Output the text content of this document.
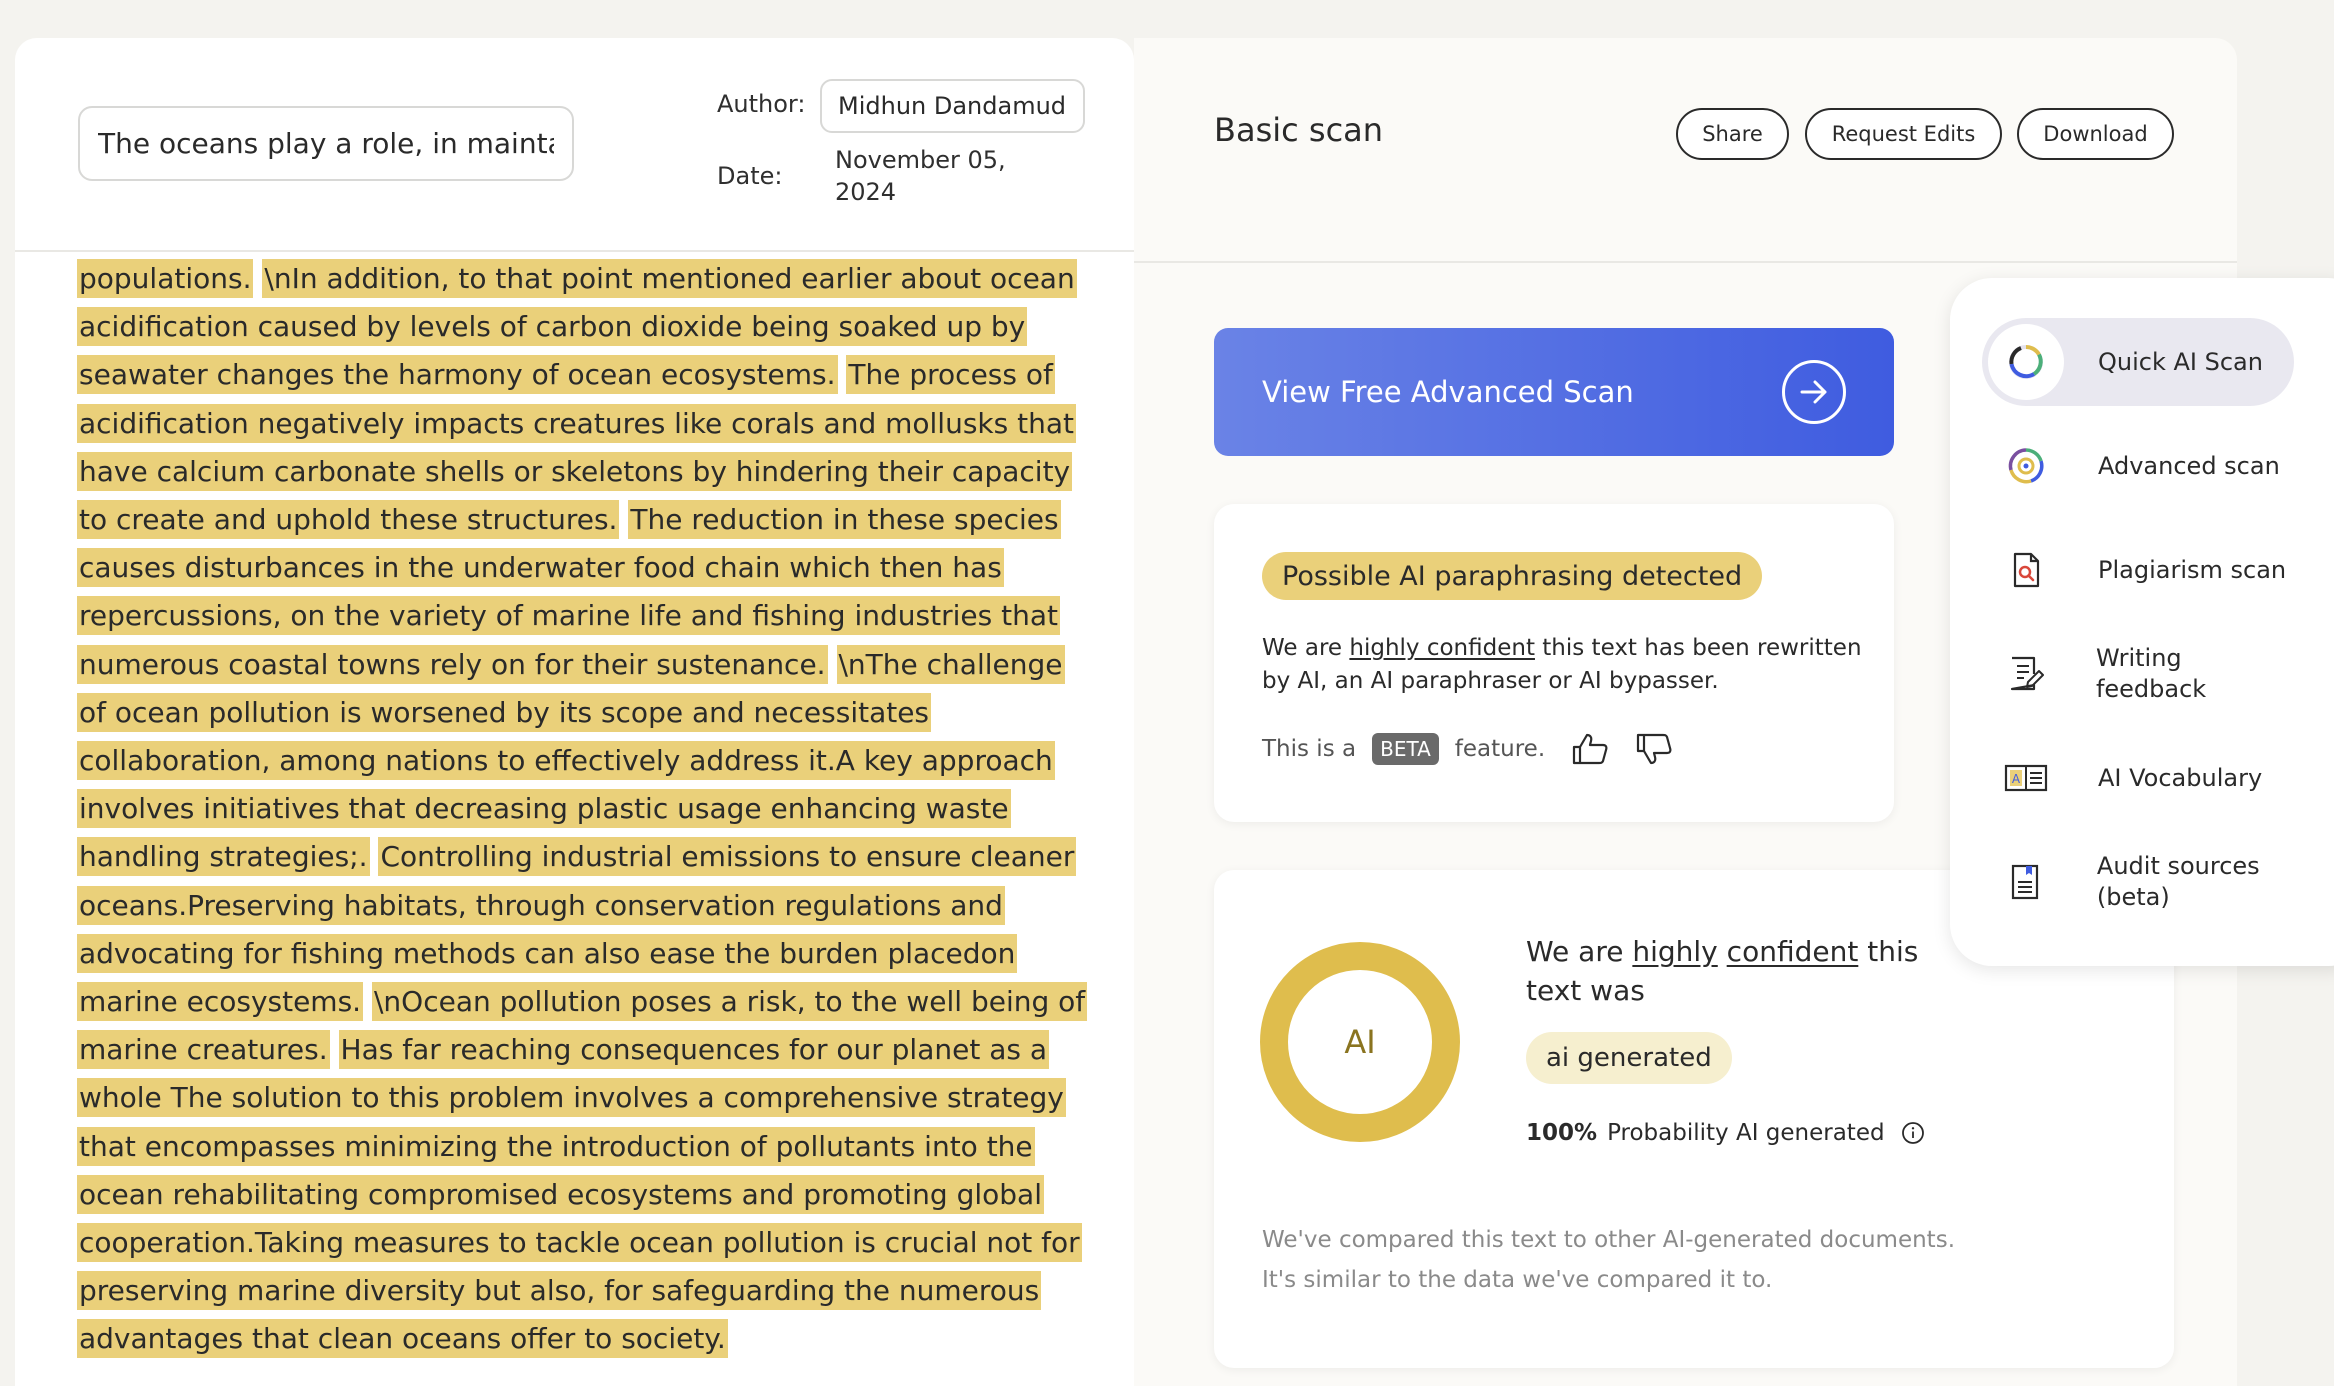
The oceans play a role, in mainta
Author:
Midhun Dandamudi
Date:
November 05, 2024
populations. \nIn addition, to that point mentioned earlier about ocean acidification caused by levels of carbon dioxide being soaked up by seawater changes the harmony of ocean ecosystems. The process of acidification negatively impacts creatures like corals and mollusks that have calcium carbonate shells or skeletons by hindering their capacity to create and uphold these structures. The reduction in these species causes disturbances in the underwater food chain which then has repercussions, on the variety of marine life and fishing industries that numerous coastal towns rely on for their sustenance. \nThe challenge of ocean pollution is worsened by its scope and necessitates collaboration, among nations to effectively address it.A key approach involves initiatives that decreasing plastic usage enhancing waste handling strategies;. Controlling industrial emissions to ensure cleaner oceans.Preserving habitats, through conservation regulations and advocating for fishing methods can also ease the burden placedon marine ecosystems. \nOcean pollution poses a risk, to the well being of marine creatures. Has far reaching consequences for our planet as a whole The solution to this problem involves a comprehensive strategy that encompasses minimizing the introduction of pollutants into the ocean rehabilitating compromised ecosystems and promoting global cooperation.Taking measures to tackle ocean pollution is crucial not for preserving marine diversity but also, for safeguarding the numerous advantages that clean oceans offer to society.
Basic scan	Share	Request Edits	Download
View Free Advanced Scan
Possible AI paraphrasing detected
We are highly confident this text has been rewritten by AI, an AI paraphraser or AI bypasser.
This is a	BETA	feature.
AI
We are highly confident this text was
ai generated
100% Probability AI generated
We've compared this text to other AI-generated documents. It's similar to the data we've compared it to.
Quick AI Scan
Advanced scan
Plagiarism scan
Writing feedback
A	AI Vocabulary
Audit sources (beta)
